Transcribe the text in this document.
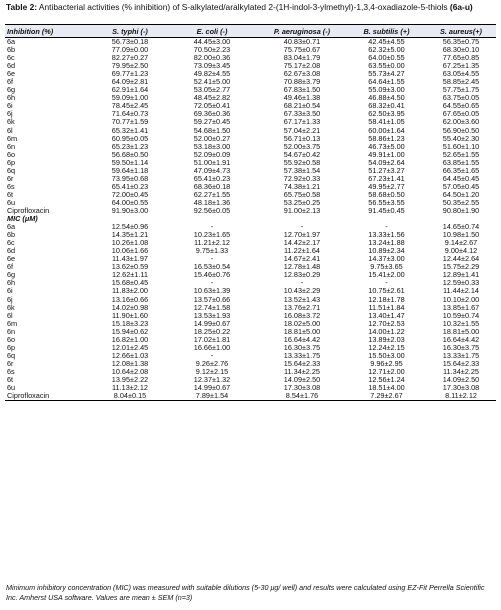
Table 2: Antibacterial activities (% inhibition) of S-alkylated/aralkylated 2-(1H-indol-3-ylmethyl)-1,3,4-oxadiazole-5-thiols (6a-u)
Inhibition (%)	S. typhi (-)	E. coli (-)	P. aeruginosa (-)	B. subtilis (+)	S. aureus(+)
6a	56.73±0.18	44.45±3.00	40.83±0.71	42.45±4.55	56.35±0.75
6b	77.09±0.00	70.50±2.23	75.75±0.67	62.32±5.00	68.30±0.10
6c	82.27±0.27	82.00±0.36	83.04±1.79	64.00±0.55	77.65±0.85
6d	79.95±2.50	73.09±3.45	75.17±2.08	63.55±0.00	67.25±1.35
6e	69.77±1.23	49.82±4.55	62.67±3.08	55.73±4.27	63.05±4.55
6f	64.09±2.81	52.41±5.00	70.88±3.79	64.64±1.55	58.85±2.45
6g	62.91±1.64	53.05±2.77	67.83±1.50	55.09±3.00	57.75±1.75
6h	59.09±1.00	48.45±2.82	49.46±1.38	46.88±4.50	63.75±0.05
6i	78.45±2.45	72.05±0.41	68.21±0.54	68.32±0.41	64.55±0.65
6j	71.64±0.73	69.36±0.36	67.33±3.50	62.50±3.95	67.65±0.05
6k	70.77±1.59	59.27±0.45	67.17±1.33	58.41±1.05	62.00±3.60
6l	65.32±1.41	54.68±1.50	57.04±2.21	60.00±1.64	56.90±0.50
6m	60.95±0.05	52.00±0.27	56.71±0.13	58.86±1.23	55.40±2.30
6n	65.23±1.23	53.18±3.00	52.00±3.75	46.73±5.00	51.60±1.10
6o	56.68±0.50	52.09±0.09	54.67±0.42	49.91±1.00	52.65±1.55
6p	59.50±1.14	51.00±1.91	55.92±0.58	54.09±2.64	63.85±1.55
6q	59.64±1.18	47.09±4.73	57.38±1.54	51.27±3.27	66.35±1.65
6r	73.95±0.68	65.41±0.23	72.92±0.33	67.23±1.41	64.45±0.45
6s	65.41±0.23	68.36±0.18	74.38±1.21	49.95±2.77	57.05±0.45
6t	72.00±0.45	62.27±1.55	65.75±0.58	58.68±0.50	64.50±1.20
6u	64.00±0.55	48.18±1.36	53.25±0.25	56.55±3.55	50.35±2.55
Ciprofloxacin	91.90±3.00	92.56±0.05	91.00±2.13	91.45±0.45	90.80±1.90
MIC (μM)					
6a	12.54±0.96	-	-	-	14.65±0.74
6b	14.35±1.21	10.23±1.65	12.70±1.97	13.33±1.56	10.98±1.50
6c	10.26±1.08	11.21±2.12	14.42±2.17	13.24±1.88	9.14±2.67
6d	10.06±1.66	9.75±1.33	11.22±1.64	10.89±2.34	9.00±4.12
6e	11.43±1.97	-	14.67±2.41	14.37±3.00	12.44±2.64
6f	13.62±0.59	16.53±0.54	12.78±1.48	9.75±3.65	15.75±2.29
6g	12.62±1.11	15.46±0.76	12.83±0.29	15.41±2.00	12.89±1.41
6h	15.68±0.45	-	-	-	12.59±0.33
6i	11.83±2.00	10.63±1.39	10.43±2.29	10.75±2.61	11.44±2.14
6j	13.16±0.66	13.57±0.66	13.52±1.43	12.18±1.78	10.10±2.00
6k	14.02±0.98	12.74±1.58	13.76±2.71	11.51±1.84	13.85±1.67
6l	11.90±1.60	13.53±1.93	16.08±3.72	13.40±1.47	10.59±0.74
6m	15.18±3.23	14.99±0.67	18.02±5.00	12.70±2.53	10.32±1.55
6n	15.94±0.62	18.25±0.22	18.81±5.00	14.00±1.22	18.81±5.00
6o	16.82±1.00	17.02±1.81	16.64±4.42	13.89±2.03	16.64±4.42
6p	12.01±2.45	16.66±1.00	16.30±3.75	12.24±2.15	16.30±3.75
6q	12.66±1.03	-	13.33±1.75	15.50±3.00	13.33±1.75
6r	12.08±1.38	9.26±2.76	15.64±2.33	9.96±2.95	15.64±2.33
6s	10.64±2.08	9.12±2.15	11.34±2.25	12.71±2.00	11.34±2.25
6t	13.95±2.22	12.37±1.32	14.09±2.50	12.56±1.24	14.09±2.50
6u	11.13±2.12	14.99±0.67	17.30±3.08	18.51±4.00	17.30±3.08
Ciprofloxacin	8.04±0.15	7.89±1.54	8.54±1.76	7.29±2.67	8.11±2.12
Minimum inhibitory concentration (MIC) was measured with suitable dilutions (5-30 μg/ well) and results were calculated using EZ-Fit Perrella Scientific Inc. Amherst USA software. Values are mean ± SEM (n=3)
